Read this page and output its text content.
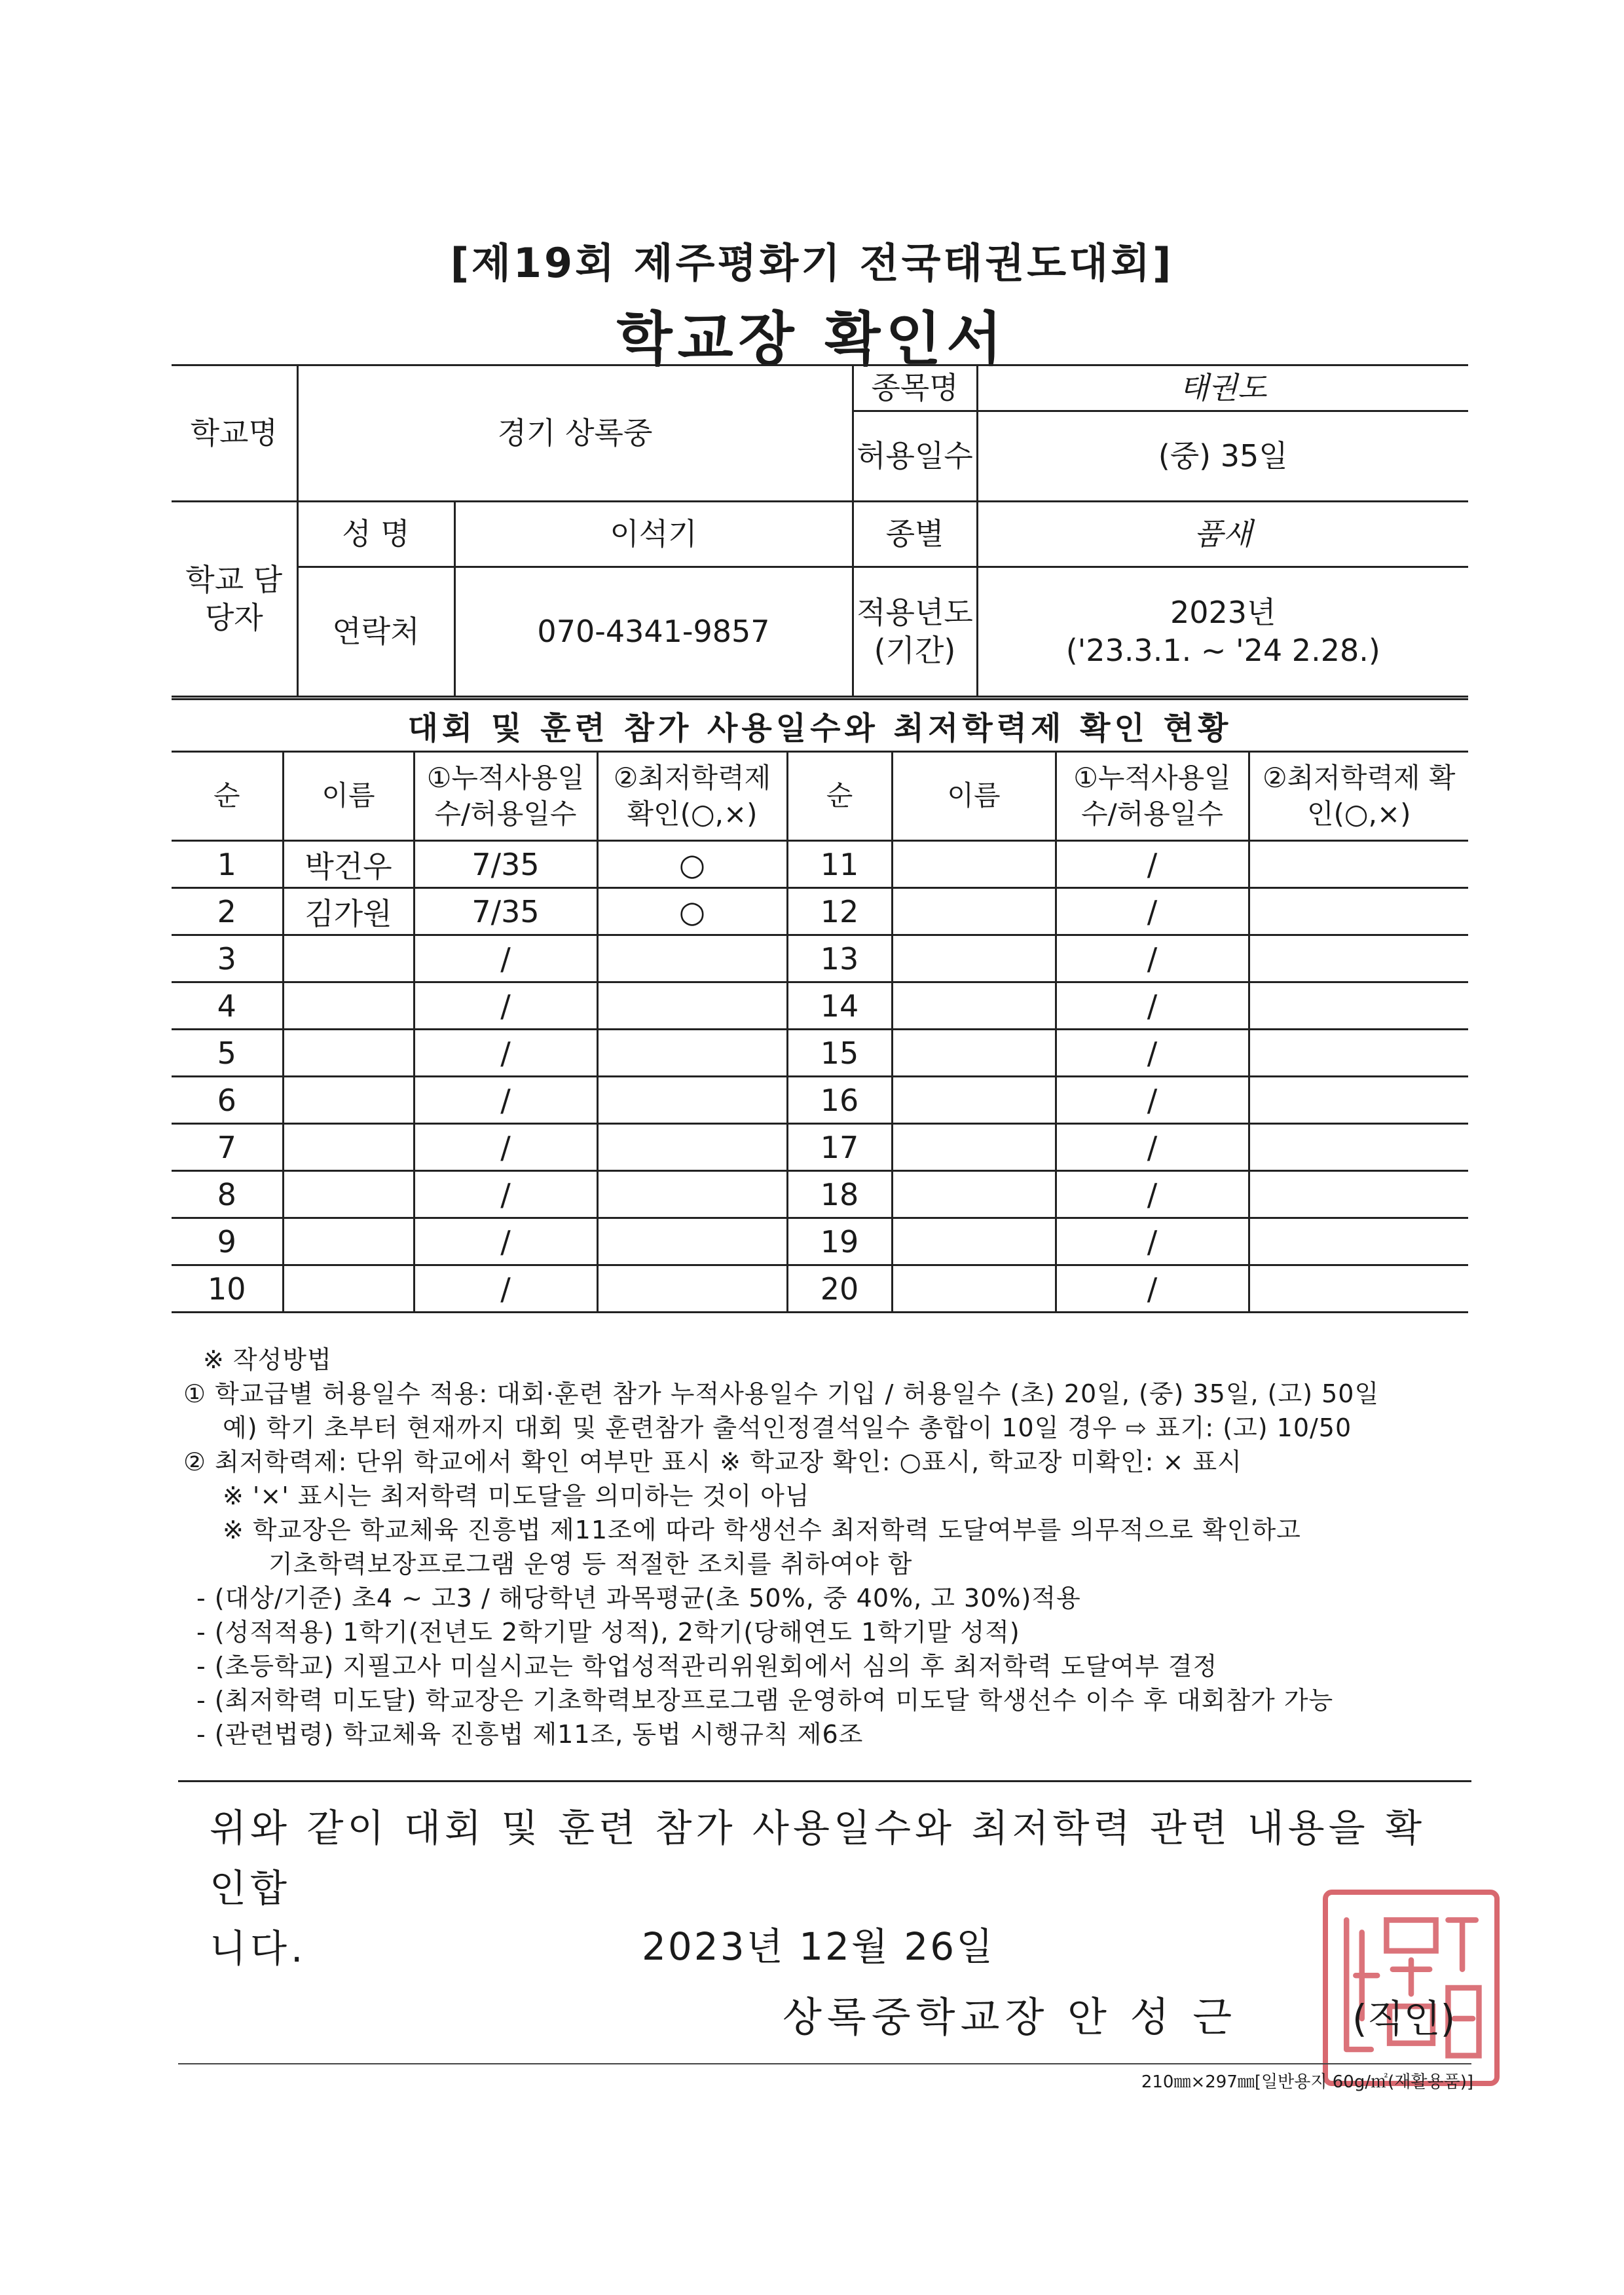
[제19회 제주평화기 전국태권도대회]
학교장 확인서
학교명	경기 상록중		종목명	태권도
			허용일수	(중) 35일
학교 담당자	성 명	이석기	종별	품새
	연락처	070-4341-9857	적용년도 (기간)	2023년
('23.3.1. ~ '24 2.28.)
대회 및 훈련 참가 사용일수와 최저학력제 확인 현황
순	이름	①누적사용일수/허용일수	②최저학력제 확인(○,×)	순	이름	①누적사용일수/허용일수	②최저학력제 확인(○,×)
1	박건우	7/35	○	11		/	
2	김가원	7/35	○	12		/	
3		/		13		/	
4		/		14		/	
5		/		15		/	
6		/		16		/	
7		/		17		/	
8		/		18		/	
9		/		19		/	
10		/		20		/	
※ 작성방법
① 학교급별 허용일수 적용: 대회·훈련 참가 누적사용일수 기입 / 허용일수 (초) 20일, (중) 35일, (고) 50일
예) 학기 초부터 현재까지 대회 및 훈련참가 출석인정결석일수 총합이 10일 경우 ⇨ 표기: (고) 10/50
② 최저학력제: 단위 학교에서 확인 여부만 표시 ※ 학교장 확인: ○표시, 학교장 미확인: × 표시
※ '×' 표시는 최저학력 미도달을 의미하는 것이 아님
※ 학교장은 학교체육 진흥법 제11조에 따라 학생선수 최저학력 도달여부를 의무적으로 확인하고
기초학력보장프로그램 운영 등 적절한 조치를 취하여야 함
- (대상/기준) 초4 ~ 고3 / 해당학년 과목평균(초 50%, 중 40%, 고 30%)적용
- (성적적용) 1학기(전년도 2학기말 성적), 2학기(당해연도 1학기말 성적)
- (초등학교) 지필고사 미실시교는 학업성적관리위원회에서 심의 후 최저학력 도달여부 결정
- (최저학력 미도달) 학교장은 기초학력보장프로그램 운영하여 미도달 학생선수 이수 후 대회참가 가능
- (관련법령) 학교체육 진흥법 제11조, 동법 시행규칙 제6조
위와 같이 대회 및 훈련 참가 사용일수와 최저학력 관련 내용을 확인합
니다.	2023년 12월 26일
상록중학교장 안 성 근	(직인)
210㎜×297㎜[일반용지 60g/㎡(재활용품)]
